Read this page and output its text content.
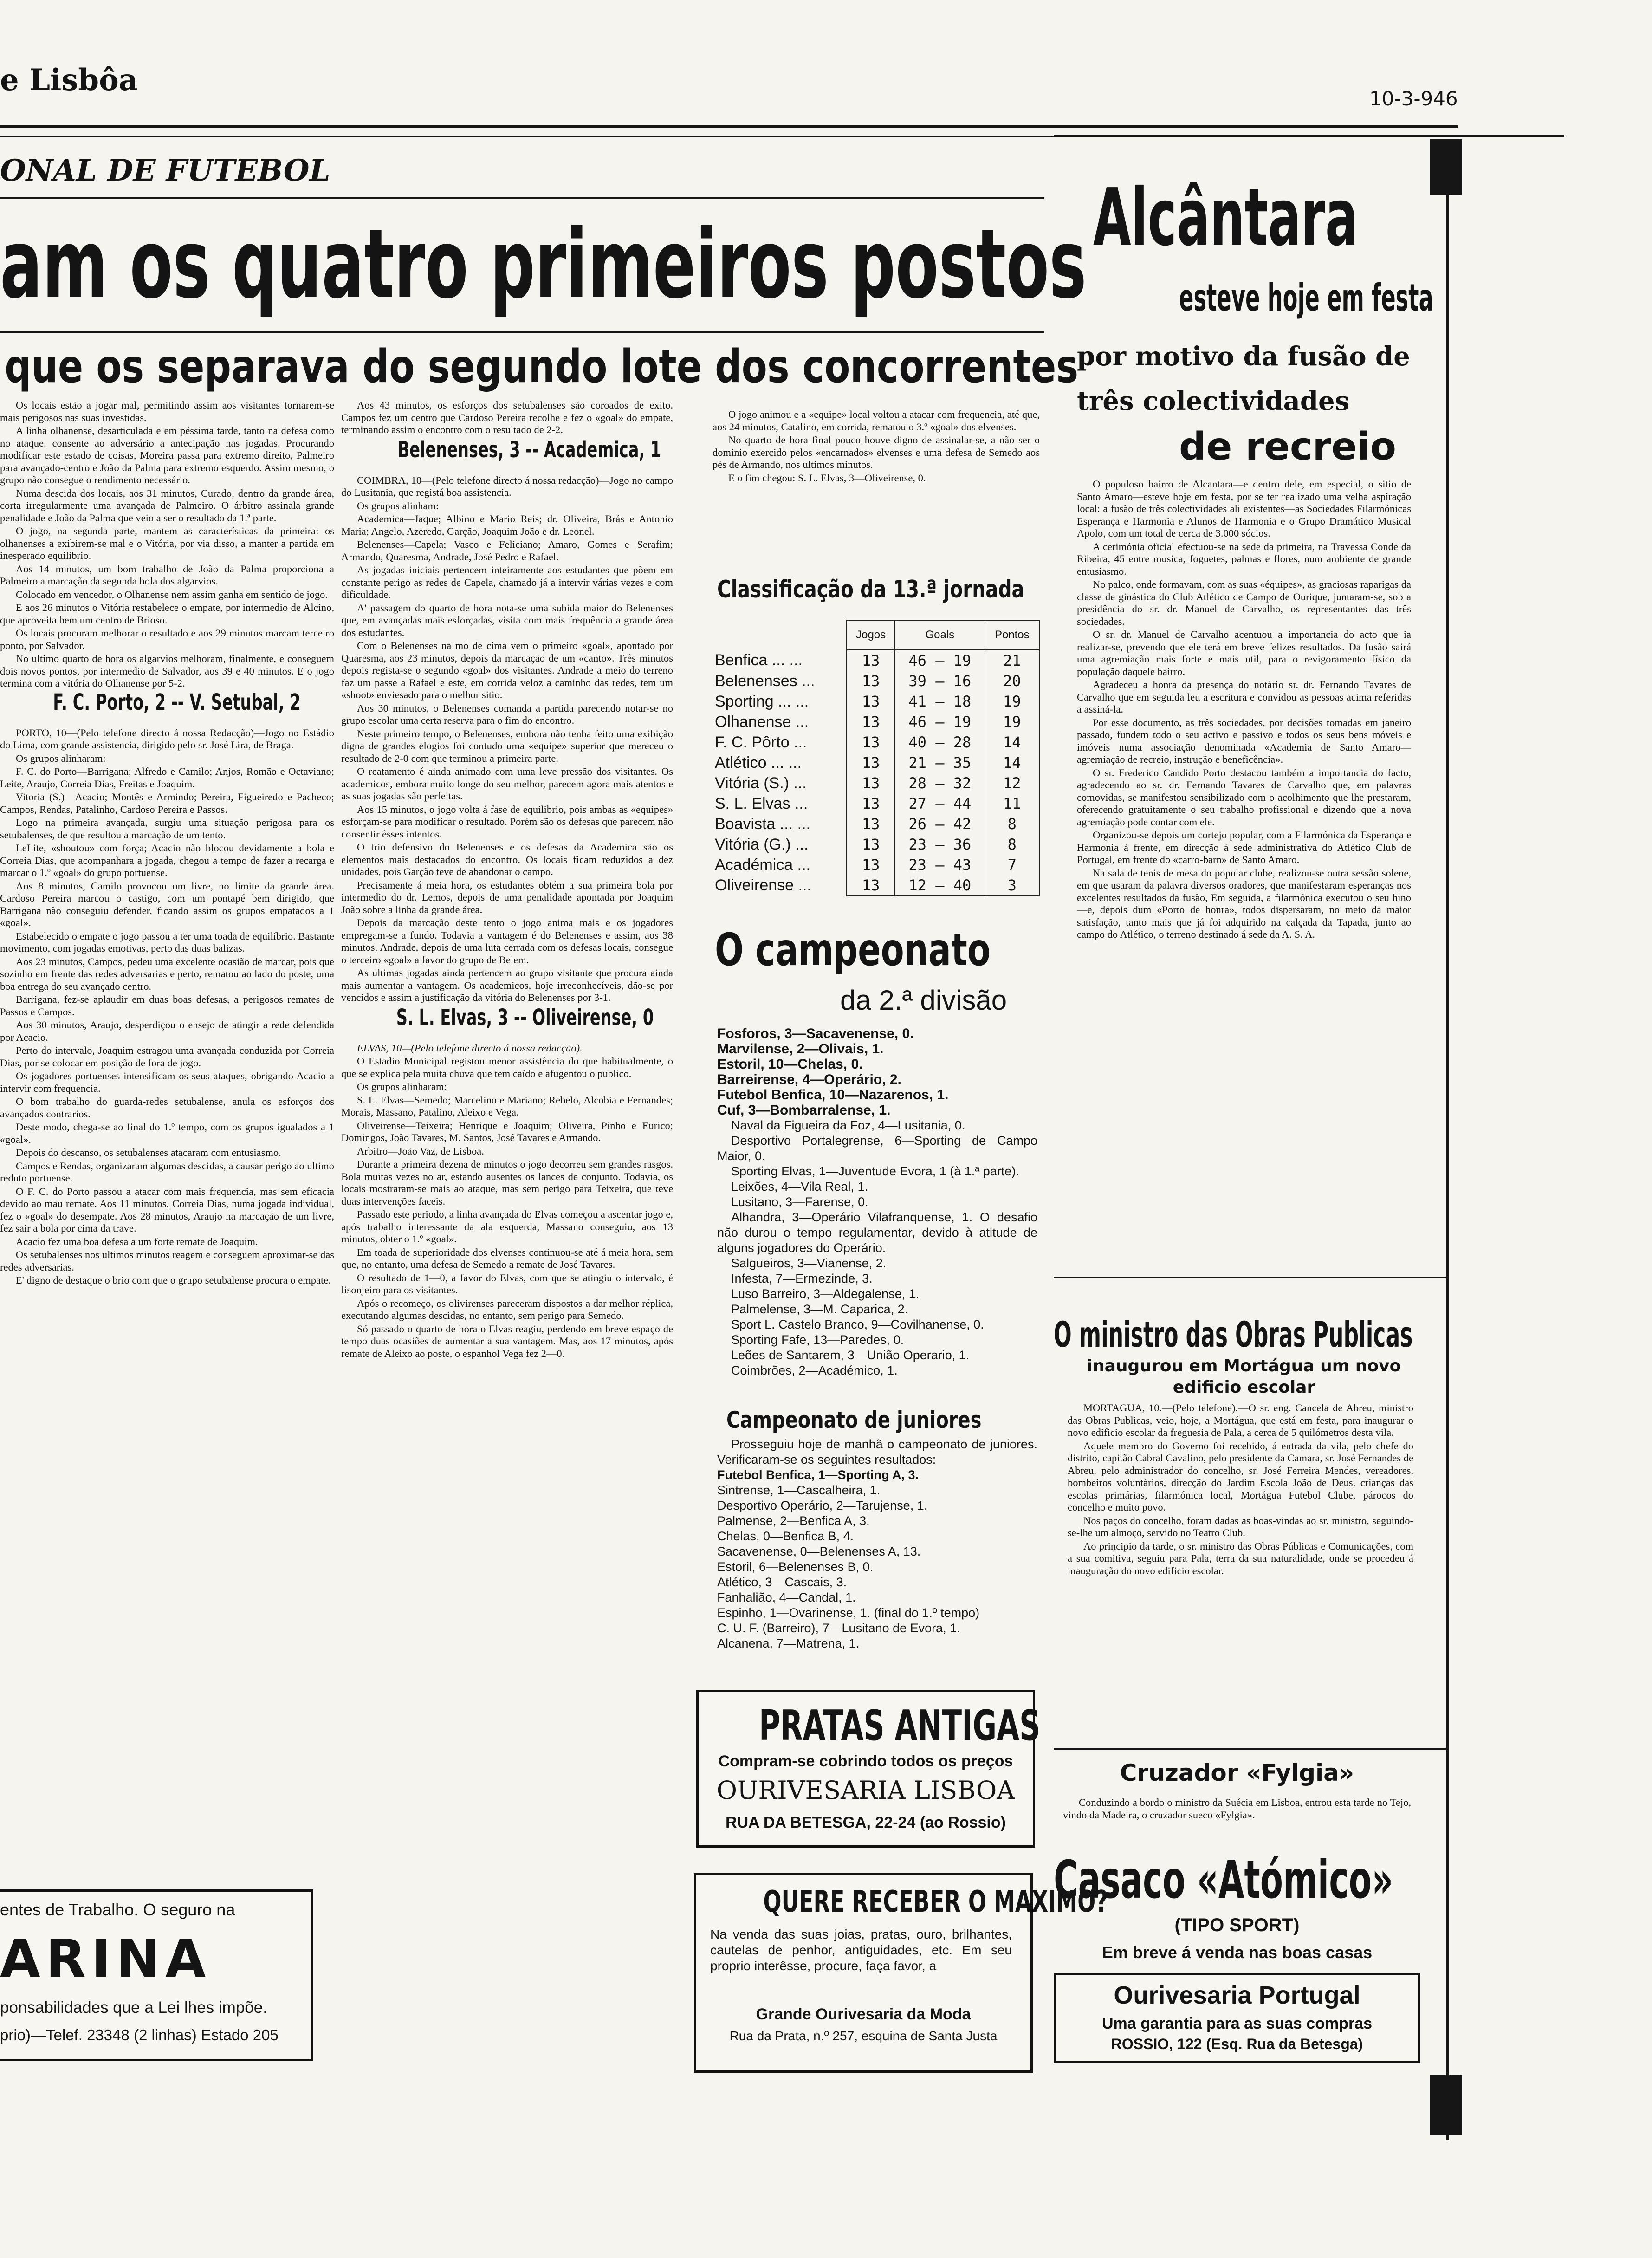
e Lisbôa
10-3-946
ONAL DE FUTEBOL
am os quatro primeiros postos
que os separava do segundo lote dos concorrentes

Os locais estão a jogar mal, permitindo assim aos visitantes tornarem-se mais perigosos nas suas investidas.

A linha olhanense, desarticulada e em péssima tarde, tanto na defesa como no ataque, consente ao adversário a antecipação nas jogadas. Procurando modificar este estado de coisas, Moreira passa para extremo direito, Palmeiro para avançado-centro e João da Palma para extremo esquerdo. Assim mesmo, o grupo não consegue o rendimento necessário.

Numa descida dos locais, aos 31 minutos, Curado, dentro da grande área, corta irregularmente uma avançada de Palmeiro. O árbitro assinala grande penalidade e João da Palma que veio a ser o resultado da 1.ª parte.

O jogo, na segunda parte, mantem as características da primeira: os olhanenses a exibirem-se mal e o Vitória, por via disso, a manter a partida em inesperado equilíbrio.

Aos 14 minutos, um bom trabalho de João da Palma proporciona a Palmeiro a marcação da segunda bola dos algarvios.

Colocado em vencedor, o Olhanense nem assim ganha em sentido de jogo.

E aos 26 minutos o Vitória restabelece o empate, por intermedio de Alcino, que aproveita bem um centro de Brioso.

Os locais procuram melhorar o resultado e aos 29 minutos marcam terceiro ponto, por Salvador.

No ultimo quarto de hora os algarvios melhoram, finalmente, e conseguem dois novos pontos, por intermedio de Salvador, aos 39 e 40 minutos. E o jogo termina com a vitória do Olhanense por 5-2.

F. C. Porto, 2 -- V. Setubal, 2

PORTO, 10—(Pelo telefone directo á nossa Redacção)—Jogo no Estádio do Lima, com grande assistencia, dirigido pelo sr. José Lira, de Braga.

Os grupos alinharam:

F. C. do Porto—Barrigana; Alfredo e Camilo; Anjos, Romão e Octaviano; Leite, Araujo, Correia Dias, Freitas e Joaquim.

Vitoria (S.)—Acacio; Montês e Armindo; Pereira, Figueiredo e Pacheco; Campos, Rendas, Patalinho, Cardoso Pereira e Passos.

Logo na primeira avançada, surgiu uma situação perigosa para os setubalenses, de que resultou a marcação de um tento.

LeLite, «shoutou» com força; Acacio não blocou devidamente a bola e Correia Dias, que acompanhara a jogada, chegou a tempo de fazer a recarga e marcar o 1.º «goal» do grupo portuense.

Aos 8 minutos, Camilo provocou um livre, no limite da grande área. Cardoso Pereira marcou o castigo, com um pontapé bem dirigido, que Barrigana não conseguiu defender, ficando assim os grupos empatados a 1 «goal».

Estabelecido o empate o jogo passou a ter uma toada de equilíbrio. Bastante movimento, com jogadas emotivas, perto das duas balizas.

Aos 23 minutos, Campos, pedeu uma excelente ocasião de marcar, pois que sozinho em frente das redes adversarias e perto, rematou ao lado do poste, uma boa entrega do seu avançado centro.

Barrigana, fez-se aplaudir em duas boas defesas, a perigosos remates de Passos e Campos.

Aos 30 minutos, Araujo, desperdiçou o ensejo de atingir a rede defendida por Acacio.

Perto do intervalo, Joaquim estragou uma avançada conduzida por Correia Dias, por se colocar em posição de fora de jogo.

Os jogadores portuenses intensificam os seus ataques, obrigando Acacio a intervir com frequencia.

O bom trabalho do guarda-redes setubalense, anula os esforços dos avançados contrarios.

Deste modo, chega-se ao final do 1.º tempo, com os grupos igualados a 1 «goal».

Depois do descanso, os setubalenses atacaram com entusiasmo.

Campos e Rendas, organizaram algumas descidas, a causar perigo ao ultimo reduto portuense.

O F. C. do Porto passou a atacar com mais frequencia, mas sem eficacia devido ao mau remate. Aos 11 minutos, Correia Dias, numa jogada individual, fez o «goal» do desempate. Aos 28 minutos, Araujo na marcação de um livre, fez sair a bola por cima da trave.

Acacio fez uma boa defesa a um forte remate de Joaquim.

Os setubalenses nos ultimos minutos reagem e conseguem aproximar-se das redes adversarias.

E' digno de destaque o brio com que o grupo setubalense procura o empate.

entes de Trabalho. O seguro na
ARINA
ponsabilidades que a Lei lhes impõe.
prio)—Telef. 23348 (2 linhas) Estado 205

Aos 43 minutos, os esforços dos setubalenses são coroados de exito. Campos fez um centro que Cardoso Pereira recolhe e fez o «goal» do empate, terminando assim o encontro com o resultado de 2-2.

Belenenses, 3 -- Academica, 1

COIMBRA, 10—(Pelo telefone directo á nossa redacção)—Jogo no campo do Lusitania, que registá boa assistencia.

Os grupos alinham:

Academica—Jaque; Albino e Mario Reis; dr. Oliveira, Brás e Antonio Maria; Angelo, Azeredo, Garção, Joaquim João e dr. Leonel.

Belenenses—Capela; Vasco e Feliciano; Amaro, Gomes e Serafim; Armando, Quaresma, Andrade, José Pedro e Rafael.

As jogadas iniciais pertencem inteiramente aos estudantes que põem em constante perigo as redes de Capela, chamado já a intervir várias vezes e com dificuldade.

A' passagem do quarto de hora nota-se uma subida maior do Belenenses que, em avançadas mais esforçadas, visita com mais frequência a grande área dos estudantes.

Com o Belenenses na mó de cima vem o primeiro «goal», apontado por Quaresma, aos 23 minutos, depois da marcação de um «canto». Três minutos depois regista-se o segundo «goal» dos visitantes. Andrade a meio do terreno faz um passe a Rafael e este, em corrida veloz a caminho das redes, tem um «shoot» enviesado para o melhor sitio.

Aos 30 minutos, o Belenenses comanda a partida parecendo notar-se no grupo escolar uma certa reserva para o fim do encontro.

Neste primeiro tempo, o Belenenses, embora não tenha feito uma exibição digna de grandes elogios foi contudo uma «equipe» superior que mereceu o resultado de 2-0 com que terminou a primeira parte.

O reatamento é ainda animado com uma leve pressão dos visitantes. Os academicos, embora muito longe do seu melhor, parecem agora mais atentos e as suas jogadas são perfeitas.

Aos 15 minutos, o jogo volta á fase de equilibrio, pois ambas as «equipes» esforçam-se para modificar o resultado. Porém são os defesas que parecem não consentir êsses intentos.

O trio defensivo do Belenenses e os defesas da Academica são os elementos mais destacados do encontro. Os locais ficam reduzidos a dez unidades, pois Garção teve de abandonar o campo.

Precisamente á meia hora, os estudantes obtém a sua primeira bola por intermedio do dr. Lemos, depois de uma penalidade apontada por Joaquim João sobre a linha da grande área.

Depois da marcação deste tento o jogo anima mais e os jogadores empregam-se a fundo. Todavia a vantagem é do Belenenses e assim, aos 38 minutos, Andrade, depois de uma luta cerrada com os defesas locais, consegue o terceiro «goal» a favor do grupo de Belem.

As ultimas jogadas ainda pertencem ao grupo visitante que procura ainda mais aumentar a vantagem. Os academicos, hoje irreconhecíveis, dão-se por vencidos e assim a justificação da vitória do Belenenses por 3-1.

S. L. Elvas, 3 -- Oliveirense, 0

ELVAS, 10—(Pelo telefone directo á nossa redacção).

O Estadio Municipal registou menor assistência do que habitualmente, o que se explica pela muita chuva que tem caído e afugentou o publico.

Os grupos alinharam:

S. L. Elvas—Semedo; Marcelino e Mariano; Rebelo, Alcobia e Fernandes; Morais, Massano, Patalino, Aleixo e Vega.

Oliveirense—Teixeira; Henrique e Joaquim; Oliveira, Pinho e Eurico; Domingos, João Tavares, M. Santos, José Tavares e Armando.

Arbitro—João Vaz, de Lisboa.

Durante a primeira dezena de minutos o jogo decorreu sem grandes rasgos. Bola muitas vezes no ar, estando ausentes os lances de conjunto. Todavia, os locais mostraram-se mais ao ataque, mas sem perigo para Teixeira, que teve duas intervenções faceis.

Passado este periodo, a linha avançada do Elvas começou a ascentar jogo e, após trabalho interessante da ala esquerda, Massano conseguiu, aos 13 minutos, obter o 1.º «goal».

Em toada de superioridade dos elvenses continuou-se até á meia hora, sem que, no entanto, uma defesa de Semedo a remate de José Tavares.

O resultado de 1—0, a favor do Elvas, com que se atingiu o intervalo, é lisonjeiro para os visitantes.

Após o recomeço, os olivirenses pareceram dispostos a dar melhor réplica, executando algumas descidas, no entanto, sem perigo para Semedo.

Só passado o quarto de hora o Elvas reagiu, perdendo em breve espaço de tempo duas ocasiões de aumentar a sua vantagem. Mas, aos 17 minutos, após remate de Aleixo ao poste, o espanhol Vega fez 2—0.

O jogo animou e a «equipe» local voltou a atacar com frequencia, até que, aos 24 minutos, Catalino, em corrida, rematou o 3.º «goal» dos elvenses.

No quarto de hora final pouco houve digno de assinalar-se, a não ser o dominio exercido pelos «encarnados» elvenses e uma defesa de Semedo aos pés de Armando, nos ultimos minutos.

E o fim chegou: S. L. Elvas, 3—Oliveirense, 0.

Classificação da 13.ª jornada
	Jogos	Goals	Pontos
Benfica ... ...	13	46 — 19	21
Belenenses ...	13	39 — 16	20
Sporting ... ...	13	41 — 18	19
Olhanense ...	13	46 — 19	19
F. C. Pôrto ...	13	40 — 28	14
Atlético ... ...	13	21 — 35	14
Vitória (S.) ...	13	28 — 32	12
S. L. Elvas ...	13	27 — 44	11
Boavista ... ...	13	26 — 42	8
Vitória (G.) ...	13	23 — 36	8
Académica ...	13	23 — 43	7
Oliveirense ...	13	12 — 40	3
O campeonato
da 2.ª divisão
Fosforos, 3—Sacavenense, 0.
Marvilense, 2—Olivais, 1.
Estoril, 10—Chelas, 0.
Barreirense, 4—Operário, 2.
Futebol Benfica, 10—Nazarenos, 1.
Cuf, 3—Bombarralense, 1.
Naval da Figueira da Foz, 4—Lusitania, 0.
Desportivo Portalegrense, 6—Sporting de Campo Maior, 0.
Sporting Elvas, 1—Juventude Evora, 1 (à 1.ª parte).
Leixões, 4—Vila Real, 1.
Lusitano, 3—Farense, 0.
Alhandra, 3—Operário Vilafranquense, 1. O desafio não durou o tempo regulamentar, devido à atitude de alguns jogadores do Operário.
Salgueiros, 3—Vianense, 2.
Infesta, 7—Ermezinde, 3.
Luso Barreiro, 3—Aldegalense, 1.
Palmelense, 3—M. Caparica, 2.
Sport L. Castelo Branco, 9—Covilhanense, 0.
Sporting Fafe, 13—Paredes, 0.
Leões de Santarem, 3—União Operario, 1.
Coimbrões, 2—Académico, 1.
Campeonato de juniores
Prosseguiu hoje de manhã o campeonato de juniores. Verificaram-se os seguintes resultados:
Futebol Benfica, 1—Sporting A, 3.
Sintrense, 1—Cascalheira, 1.
Desportivo Operário, 2—Tarujense, 1.
Palmense, 2—Benfica A, 3.
Chelas, 0—Benfica B, 4.
Sacavenense, 0—Belenenses A, 13.
Estoril, 6—Belenenses B, 0.
Atlético, 3—Cascais, 3.
Fanhalião, 4—Candal, 1.
Espinho, 1—Ovarinense, 1. (final do 1.º tempo)
C. U. F. (Barreiro), 7—Lusitano de Evora, 1.
Alcanena, 7—Matrena, 1.
PRATAS ANTIGAS
Compram-se cobrindo todos os preços
OURIVESARIA LISBOA
RUA DA BETESGA, 22-24 (ao Rossio)
QUERE RECEBER O MAXIMO?
Na venda das suas joias, pratas, ouro, brilhantes, cautelas de penhor, antiguidades, etc. Em seu proprio interêsse, procure, faça favor, a
Grande Ourivesaria da Moda
Rua da Prata, n.º 257, esquina de Santa Justa
Alcântara
esteve hoje em festa
por motivo da fusão de três colectividades
de recreio

O populoso bairro de Alcantara—e dentro dele, em especial, o sitio de Santo Amaro—esteve hoje em festa, por se ter realizado uma velha aspiração local: a fusão de três colectividades ali existentes—as Sociedades Filarmónicas Esperança e Harmonia e Alunos de Harmonia e o Grupo Dramático Musical Apolo, com um total de cerca de 3.000 sócios.

A cerimónia oficial efectuou-se na sede da primeira, na Travessa Conde da Ribeira, 45 entre musica, foguetes, palmas e flores, num ambiente de grande entusiasmo.

No palco, onde formavam, com as suas «équipes», as graciosas raparigas da classe de ginástica do Club Atlético de Campo de Ourique, juntaram-se, sob a presidência do sr. dr. Manuel de Carvalho, os representantes das três sociedades.

O sr. dr. Manuel de Carvalho acentuou a importancia do acto que ia realizar-se, prevendo que ele terá em breve felizes resultados. Da fusão sairá uma agremiação mais forte e mais util, para o revigoramento físico da população daquele bairro.

Agradeceu a honra da presença do notário sr. dr. Fernando Tavares de Carvalho que em seguida leu a escritura e convidou as pessoas acima referidas a assiná-la.

Por esse documento, as três sociedades, por decisões tomadas em janeiro passado, fundem todo o seu activo e passivo e todos os seus bens móveis e imóveis numa associação denominada «Academia de Santo Amaro—agremiação de recreio, instrução e beneficência».

O sr. Frederico Candido Porto destacou também a importancia do facto, agradecendo ao sr. dr. Fernando Tavares de Carvalho que, em palavras comovidas, se manifestou sensibilizado com o acolhimento que lhe prestaram, oferecendo gratuitamente o seu trabalho profissional e dizendo que a nova agremiação pode contar com ele.

Organizou-se depois um cortejo popular, com a Filarmónica da Esperança e Harmonia á frente, em direcção á sede administrativa do Atlético Club de Portugal, em frente do «carro-barn» de Santo Amaro.

Na sala de tenis de mesa do popular clube, realizou-se outra sessão solene, em que usaram da palavra diversos oradores, que manifestaram esperanças nos excelentes resultados da fusão, Em seguida, a filarmónica executou o seu hino—e, depois dum «Porto de honra», todos dispersaram, no meio da maior satisfação, tanto mais que já foi adquirido na calçada da Tapada, junto ao campo do Atlético, o terreno destinado á sede da A. S. A.

O ministro das Obras Publicas
inaugurou em Mortágua um novo edificio escolar

MORTAGUA, 10.—(Pelo telefone).—O sr. eng. Cancela de Abreu, ministro das Obras Publicas, veio, hoje, a Mortágua, que está em festa, para inaugurar o novo edificio escolar da freguesia de Pala, a cerca de 5 quilómetros desta vila.

Aquele membro do Governo foi recebido, á entrada da vila, pelo chefe do distrito, capitão Cabral Cavalino, pelo presidente da Camara, sr. José Fernandes de Abreu, pelo administrador do concelho, sr. José Ferreira Mendes, vereadores, bombeiros voluntários, direcção do Jardim Escola João de Deus, crianças das escolas primárias, filarmónica local, Mortágua Futebol Clube, párocos do concelho e muito povo.

Nos paços do concelho, foram dadas as boas-vindas ao sr. ministro, seguindo-se-lhe um almoço, servido no Teatro Club.

Ao principio da tarde, o sr. ministro das Obras Públicas e Comunicações, com a sua comitiva, seguiu para Pala, terra da sua naturalidade, onde se procedeu á inauguração do novo edificio escolar.

Cruzador «Fylgia»

Conduzindo a bordo o ministro da Suécia em Lisboa, entrou esta tarde no Tejo, vindo da Madeira, o cruzador sueco «Fylgia».

Casaco «Atómico»
(TIPO SPORT)
Em breve á venda nas boas casas
Ourivesaria Portugal
Uma garantia para as suas compras
ROSSIO, 122 (Esq. Rua da Betesga)
